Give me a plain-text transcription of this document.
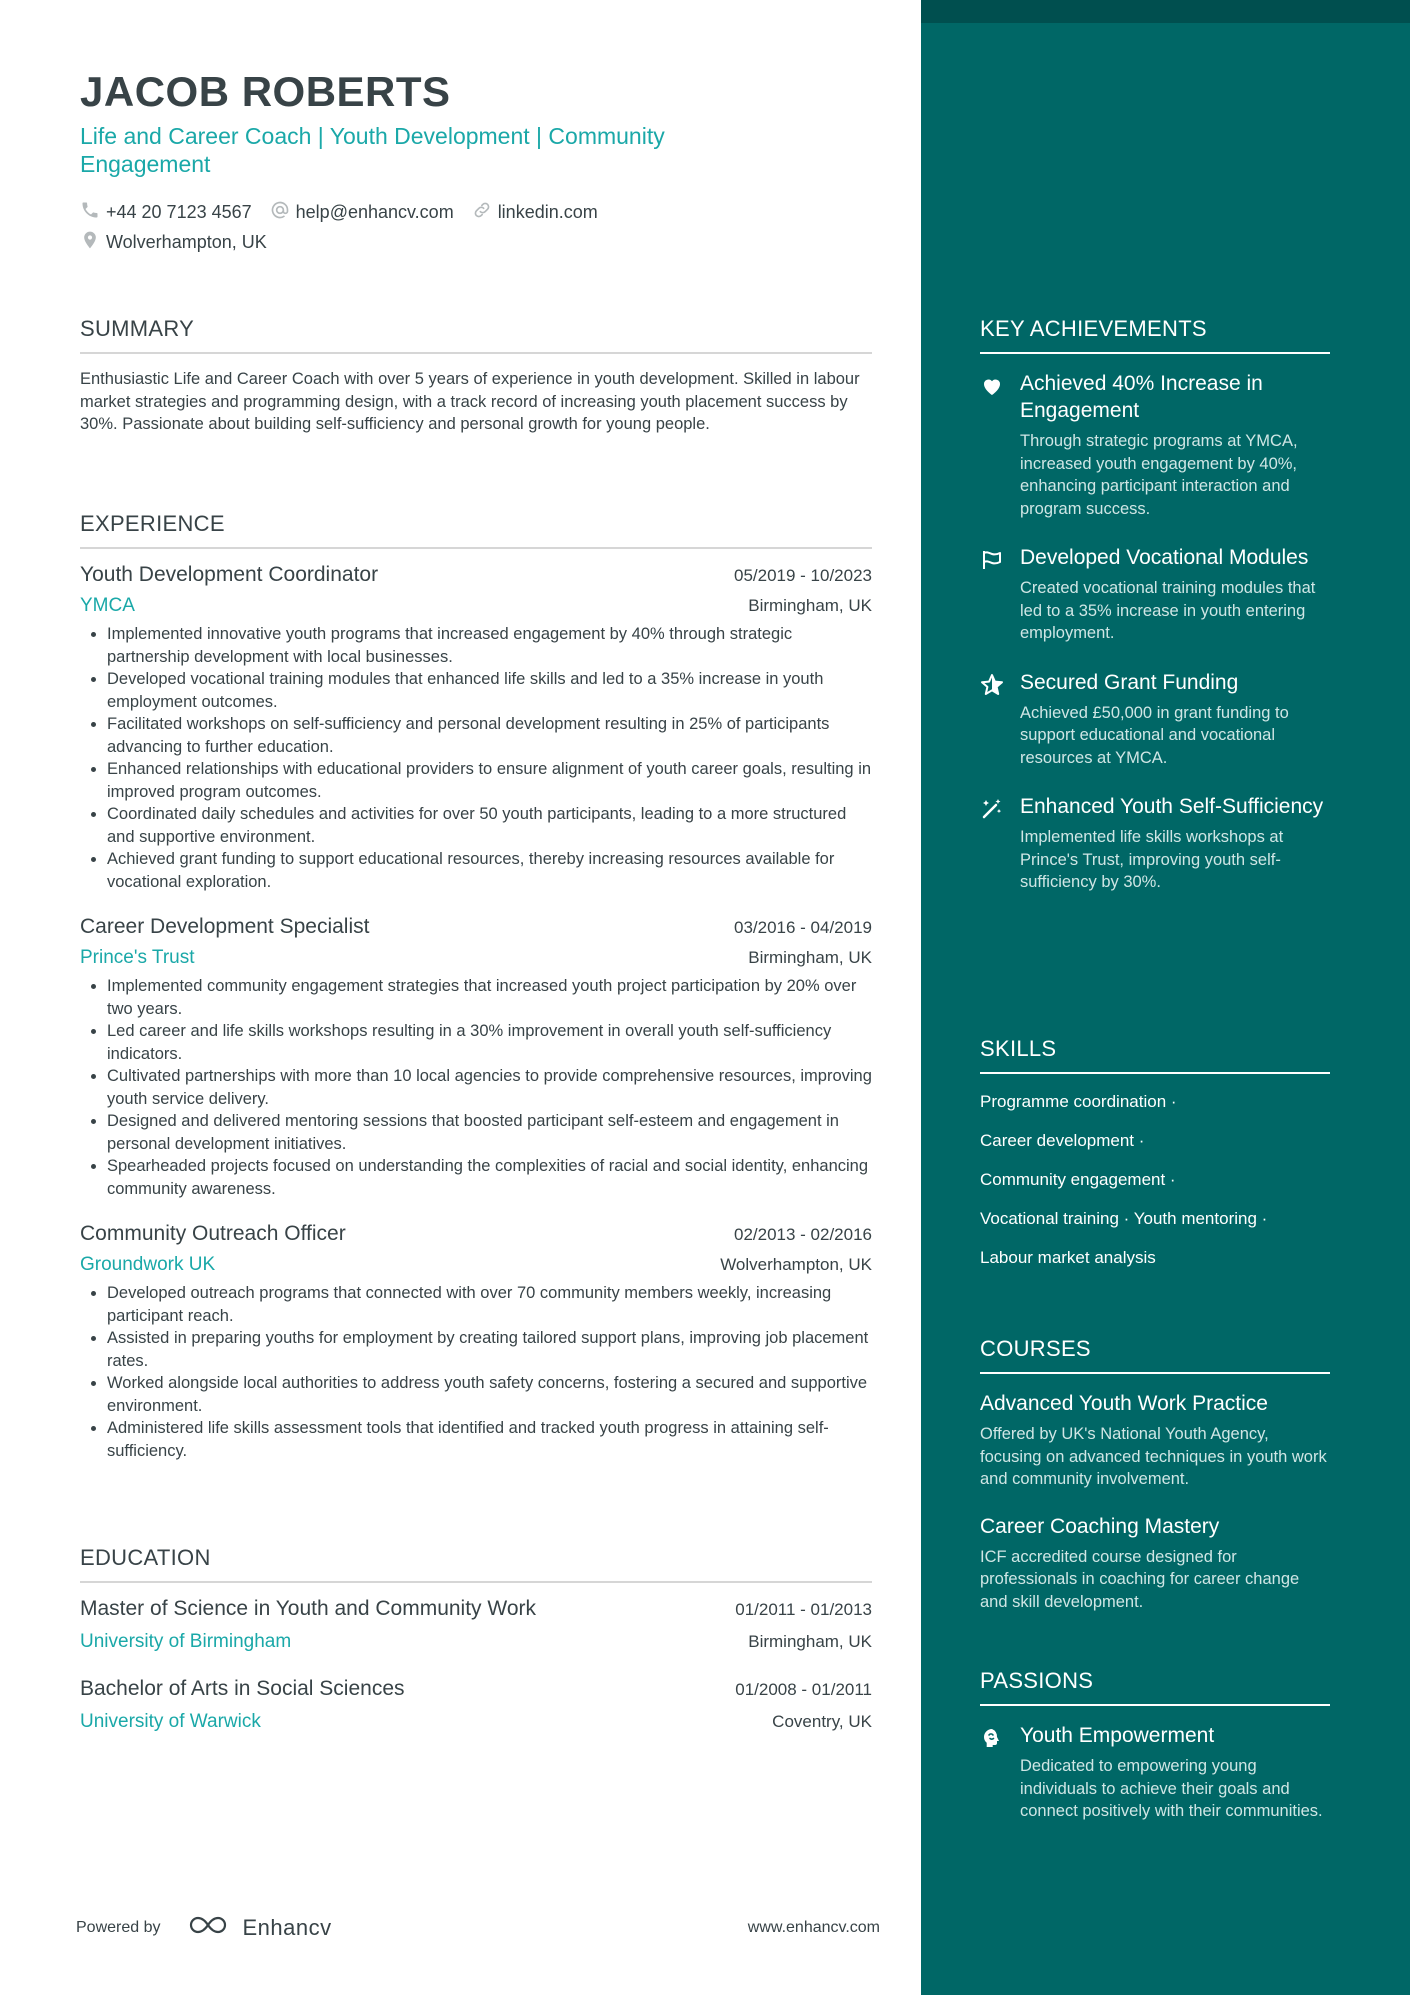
JACOB ROBERTS
Life and Career Coach | Youth Development | Community Engagement
+44 20 7123 4567 help@enhancv.com linkedin.com
Wolverhampton, UK
SUMMARY
Enthusiastic Life and Career Coach with over 5 years of experience in youth development. Skilled in labour market strategies and programming design, with a track record of increasing youth placement success by 30%. Passionate about building self-sufficiency and personal growth for young people.
EXPERIENCE
Youth Development Coordinator	05/2019 - 10/2023
YMCA	Birmingham, UK
• Implemented innovative youth programs that increased engagement by 40% through strategic partnership development with local businesses.
• Developed vocational training modules that enhanced life skills and led to a 35% increase in youth employment outcomes.
• Facilitated workshops on self-sufficiency and personal development resulting in 25% of participants advancing to further education.
• Enhanced relationships with educational providers to ensure alignment of youth career goals, resulting in improved program outcomes.
• Coordinated daily schedules and activities for over 50 youth participants, leading to a more structured and supportive environment.
• Achieved grant funding to support educational resources, thereby increasing resources available for vocational exploration.
Career Development Specialist	03/2016 - 04/2019
Prince's Trust	Birmingham, UK
• Implemented community engagement strategies that increased youth project participation by 20% over two years.
• Led career and life skills workshops resulting in a 30% improvement in overall youth self-sufficiency indicators.
• Cultivated partnerships with more than 10 local agencies to provide comprehensive resources, improving youth service delivery.
• Designed and delivered mentoring sessions that boosted participant self-esteem and engagement in personal development initiatives.
• Spearheaded projects focused on understanding the complexities of racial and social identity, enhancing community awareness.
Community Outreach Officer	02/2013 - 02/2016
Groundwork UK	Wolverhampton, UK
• Developed outreach programs that connected with over 70 community members weekly, increasing participant reach.
• Assisted in preparing youths for employment by creating tailored support plans, improving job placement rates.
• Worked alongside local authorities to address youth safety concerns, fostering a secured and supportive environment.
• Administered life skills assessment tools that identified and tracked youth progress in attaining self-sufficiency.
EDUCATION
Master of Science in Youth and Community Work	01/2011 - 01/2013
University of Birmingham	Birmingham, UK
Bachelor of Arts in Social Sciences	01/2008 - 01/2011
University of Warwick	Coventry, UK
Powered by	Enhancv	www.enhancv.com
KEY ACHIEVEMENTS
Achieved 40% Increase in Engagement
Through strategic programs at YMCA, increased youth engagement by 40%, enhancing participant interaction and program success.
Developed Vocational Modules
Created vocational training modules that led to a 35% increase in youth entering employment.
Secured Grant Funding
Achieved £50,000 in grant funding to support educational and vocational resources at YMCA.
Enhanced Youth Self-Sufficiency
Implemented life skills workshops at Prince's Trust, improving youth self-sufficiency by 30%.
SKILLS
Programme coordination ·
Career development ·
Community engagement ·
Vocational training · Youth mentoring ·
Labour market analysis
COURSES
Advanced Youth Work Practice
Offered by UK's National Youth Agency, focusing on advanced techniques in youth work and community involvement.
Career Coaching Mastery
ICF accredited course designed for professionals in coaching for career change and skill development.
PASSIONS
Youth Empowerment
Dedicated to empowering young individuals to achieve their goals and connect positively with their communities.
